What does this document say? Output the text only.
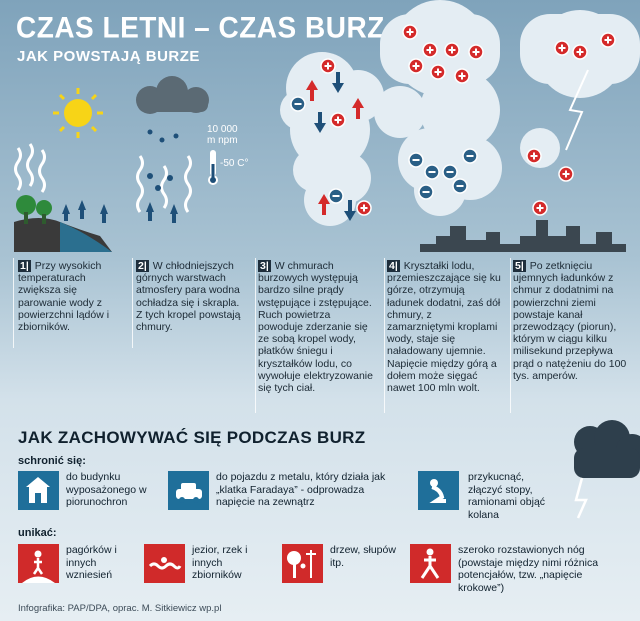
CZAS LETNI – CZAS BURZ
JAK POWSTAJĄ BURZE
10 000
m npm
-50 C°
1| Przy wysokich temperaturach zwiększa się parowanie wody z powierzchni lądów i zbiorników.
2| W chłodniejszych górnych warstwach atmosfery para wodna ochładza się i skrapla. Z tych kropel powstają chmury.
3| W chmurach burzowych występują bardzo silne prądy wstępujące i zstępujące. Ruch powietrza powoduje zderzanie się ze sobą kropel wody, płatków śniegu i kryształków lodu, co wywołuje elektryzowanie się tych ciał.
4| Kryształki lodu, przemieszczające się ku górze, otrzymują ładunek dodatni, zaś dół chmury, z zamarzniętymi kroplami wody, staje się naładowany ujemnie. Napięcie między górą a dołem może sięgać nawet 100 mln wolt.
5| Po zetknięciu ujemnych ładunków z chmur z dodatnimi na powierzchni ziemi powstaje kanał przewodzący (piorun), którym w ciągu kilku milisekund przepływa prąd o natężeniu do 100 tys. amperów.
JAK ZACHOWYWAĆ SIĘ PODCZAS BURZ
schronić się:
do budynku wyposażonego w piorunochron
do pojazdu z metalu, który działa jak „klatka Faradaya” - odprowadza napięcie na zewnątrz
przykucnąć, złączyć stopy, ramionami objąć kolana
unikać:
pagórków i innych wzniesień
jezior, rzek i innych zbiorników
drzew, słupów itp.
szeroko rozstawionych nóg (powstaje między nimi różnica potencjałów, tzw. „napięcie krokowe”)
Infografika: PAP/DPA, oprac. M. Sitkiewicz wp.pl
